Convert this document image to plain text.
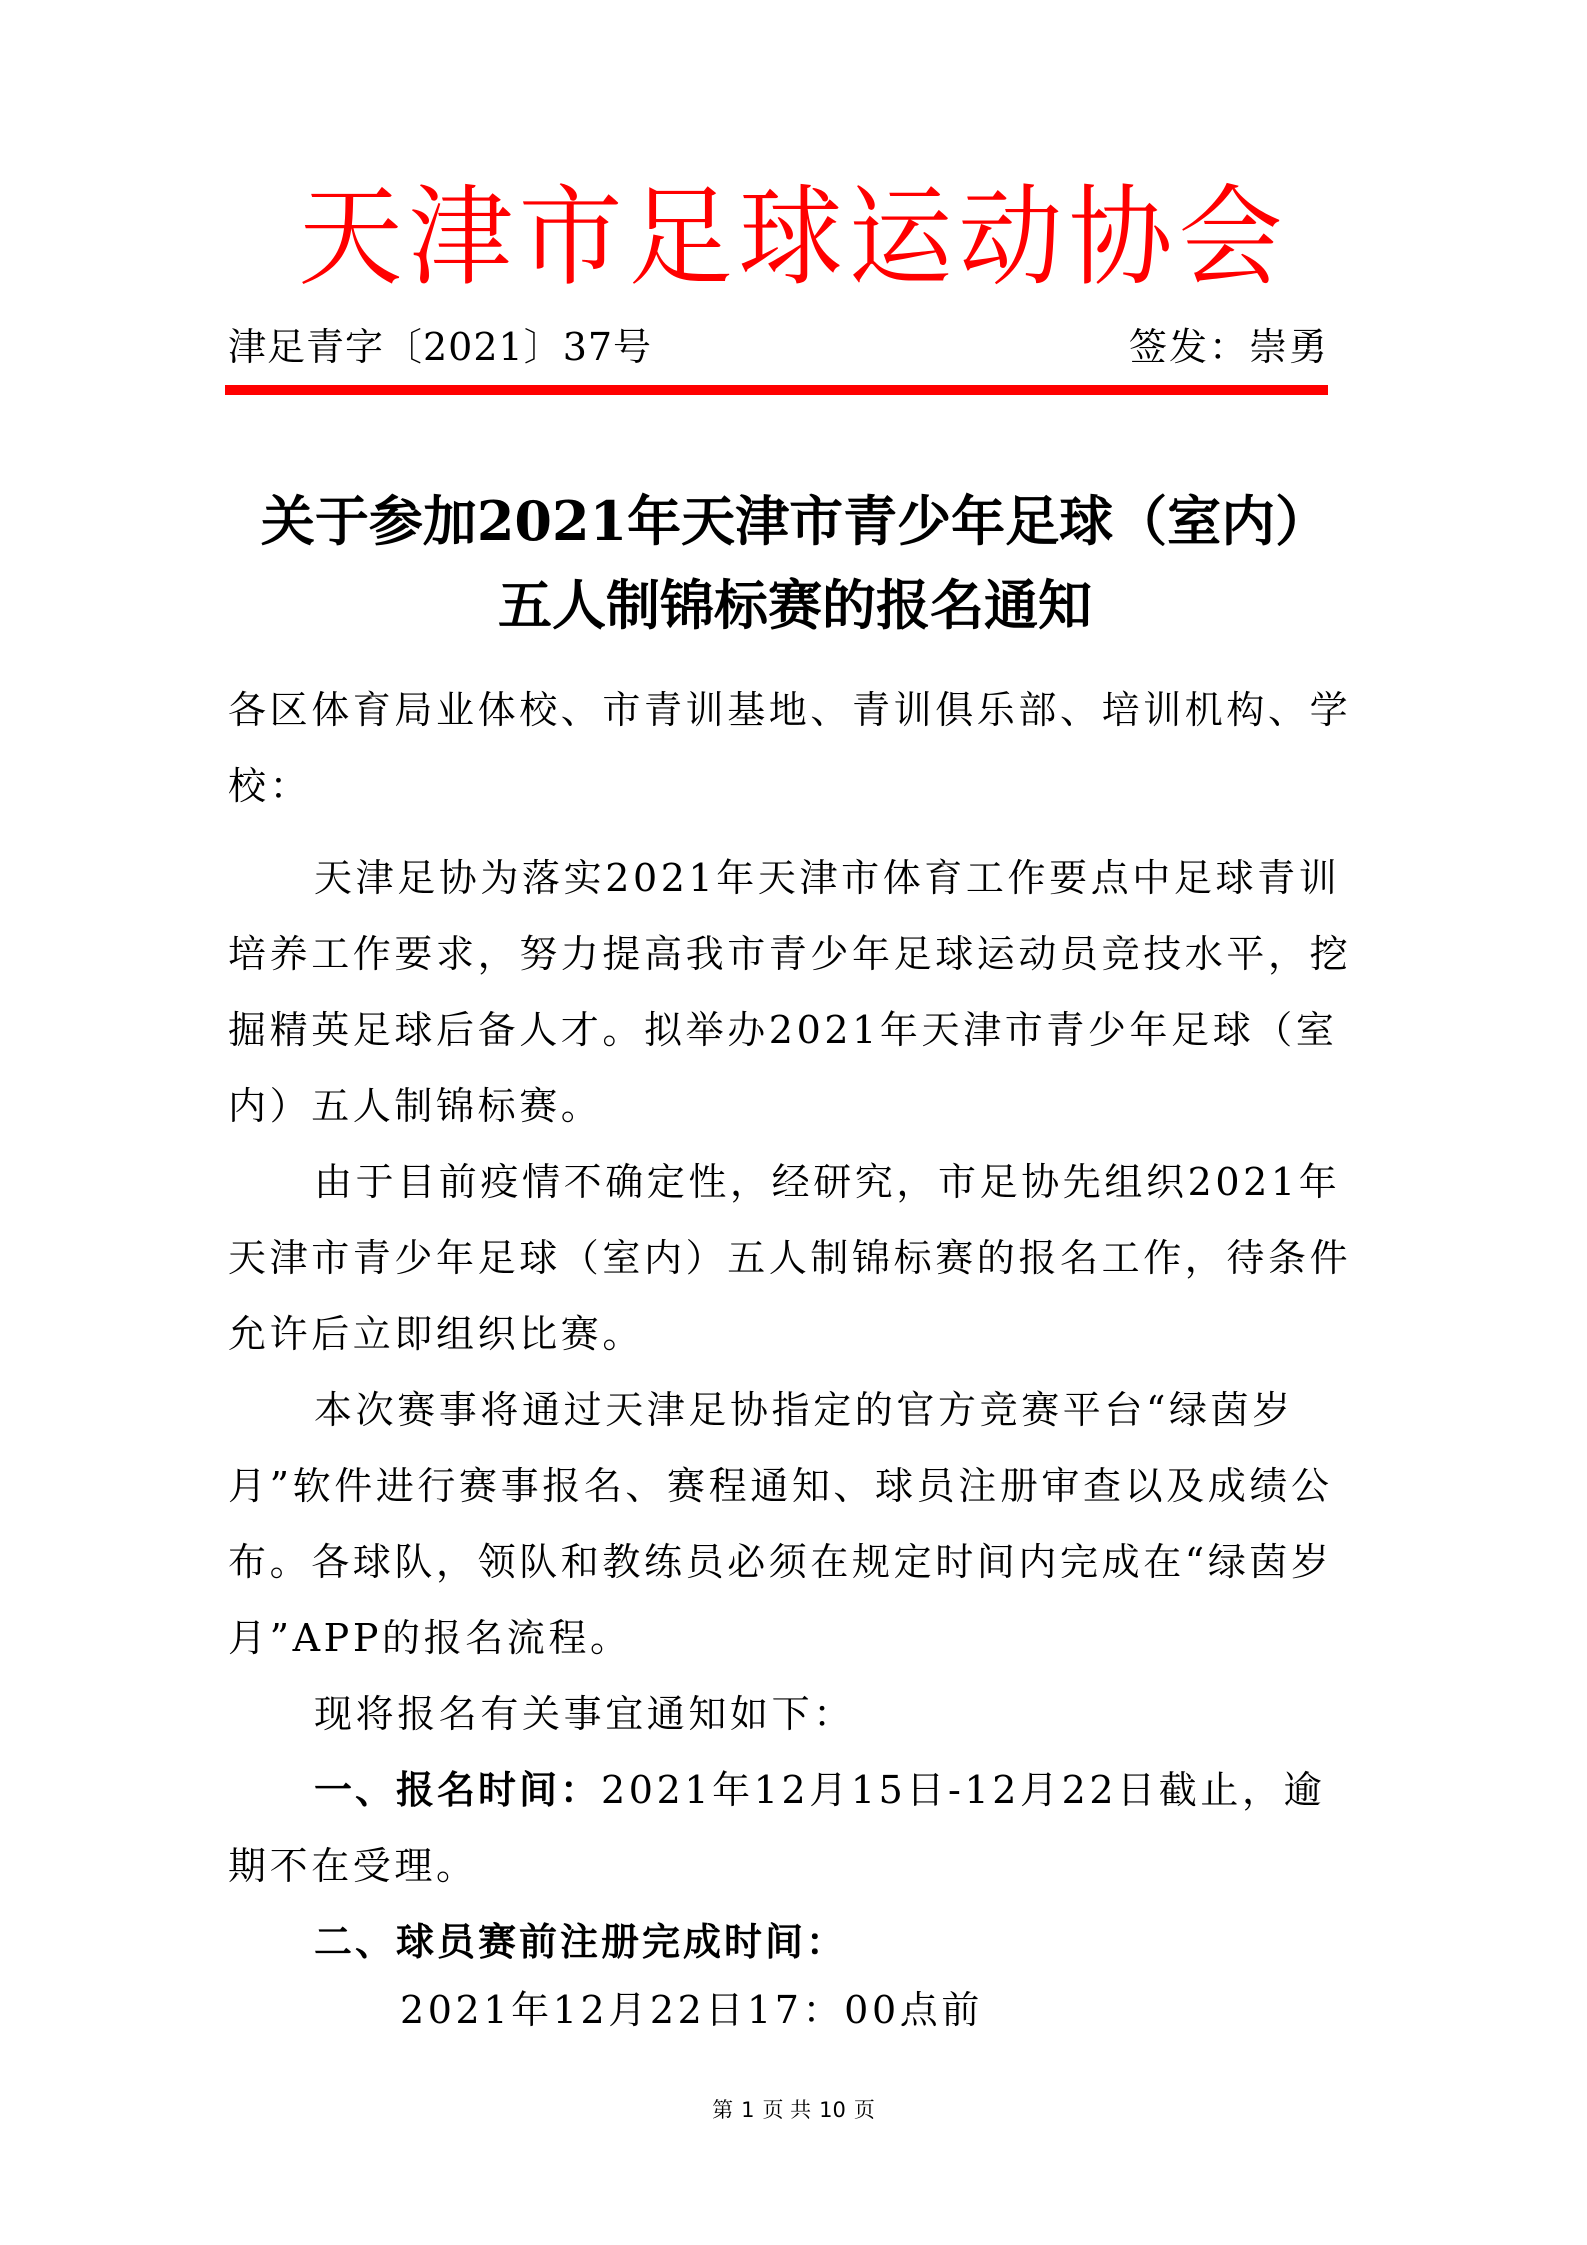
天津市足球运动协会
津足青字〔2021〕37号	签发：崇勇
关于参加2021年天津市青少年足球（室内）
五人制锦标赛的报名通知
各区体育局业体校、市青训基地、青训俱乐部、培训机构、学
校：
天津足协为落实2021年天津市体育工作要点中足球青训
培养工作要求，努力提高我市青少年足球运动员竞技水平，挖
掘精英足球后备人才。拟举办2021年天津市青少年足球（室
内）五人制锦标赛。
由于目前疫情不确定性，经研究，市足协先组织2021年
天津市青少年足球（室内）五人制锦标赛的报名工作，待条件
允许后立即组织比赛。
本次赛事将通过天津足协指定的官方竞赛平台“绿茵岁
月”软件进行赛事报名、赛程通知、球员注册审查以及成绩公
布。各球队，领队和教练员必须在规定时间内完成在“绿茵岁
月”APP的报名流程。
现将报名有关事宜通知如下：
一、报名时间：2021年12月15日-12月22日截止，逾
期不在受理。
二、球员赛前注册完成时间：
2021年12月22日17：00点前
第 1 页 共 10 页
